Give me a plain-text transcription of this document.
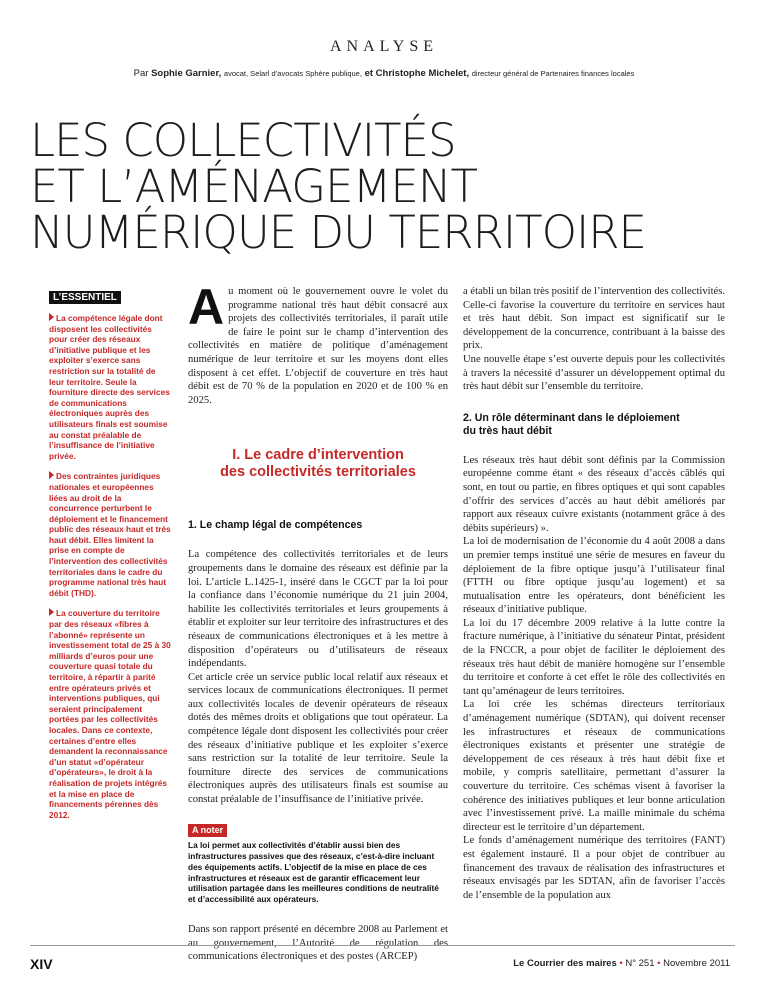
ANALYSE
Par Sophie Garnier, avocat, Selarl d’avocats Sphère publique, et Christophe Michelet, directeur général de Partenaires finances locales
LES COLLECTIVITÉS
ET L’AMÉNAGEMENT
NUMÉRIQUE DU TERRITOIRE
L’ESSENTIEL
La compétence légale dont disposent les collectivités pour créer des réseaux d’initiative publique et les exploiter s’exerce sans restriction sur la totalité de leur territoire. Seule la fourniture directe des services de communications électroniques auprès des utilisateurs finals est soumise au constat préalable de l’insuffisance de l’initiative privée.
Des contraintes juridiques nationales et européennes liées au droit de la concurrence perturbent le déploiement et le financement public des réseaux haut et très haut débit. Elles limitent la prise en compte de l’intervention des collectivités territoriales dans le cadre du programme national très haut débit (THD).
La couverture du territoire par des réseaux «fibres à l’abonné» représente un investissement total de 25 à 30 milliards d’euros pour une couverture quasi totale du territoire, à répartir à parité entre opérateurs privés et interventions publiques, qui seraient principalement portées par les collectivités locales. Dans ce contexte, certaines d’entre elles demandent la reconnaissance d’un statut «d’opérateur d’opérateurs», le droit à la réalisation de projets intégrés et la mise en place de financements pérennes dès 2012.

Au moment où le gouvernement ouvre le volet du programme national très haut débit consacré aux projets des collectivités territoriales, il paraît utile de faire le point sur le champ d’intervention des collectivités en matière de politique d’aménagement numérique de leur territoire et sur les moyens dont elles disposent à cet effet. L’objectif de couverture en très haut débit est de 70 % de la population en 2020 et de 100 % en 2025.

I. Le cadre d’intervention
des collectivités territoriales
1. Le champ légal de compétences

La compétence des collectivités territoriales et de leurs groupements dans le domaine des réseaux est définie par la loi. L’article L.1425-1, inséré dans le CGCT par la loi pour la confiance dans l’économie numérique du 21 juin 2004, habilite les collectivités territoriales et leurs groupements à établir et exploiter sur leur territoire des infrastructures et des réseaux de communications électroniques et à les mettre à disposition d’opérateurs ou d’utilisateurs de réseaux indépendants.

Cet article crée un service public local relatif aux réseaux et services locaux de communications électroniques. Il permet aux collectivités locales de devenir opérateurs de réseaux dotés des mêmes droits et obligations que tout opérateur. La compétence légale dont disposent les collectivités pour créer des réseaux d’initiative publique et les exploiter s’exerce sans restriction sur la totalité de leur territoire. Seule la fourniture directe des services de communications électroniques auprès des utilisateurs finals est soumise au constat préalable de l’insuffisance de l’initiative privée.

A noter
La loi permet aux collectivités d’établir aussi bien des infrastructures passives que des réseaux, c’est-à-dire incluant des équipements actifs. L’objectif de la mise en place de ces infrastructures et réseaux est de garantir efficacement leur utilisation partagée dans les meilleures conditions de neutralité et d’accessibilité aux opérateurs.

Dans son rapport présenté en décembre 2008 au Parlement et au gouvernement, l’Autorité de régulation des communications électroniques et des postes (ARCEP)

a établi un bilan très positif de l’intervention des collectivités. Celle-ci favorise la couverture du territoire en services haut et très haut débit. Son impact est significatif sur le développement de la concurrence, contribuant à la baisse des prix.

Une nouvelle étape s’est ouverte depuis pour les collectivités à travers la nécessité d’assurer un développement optimal du très haut débit sur l’ensemble du territoire.

2. Un rôle déterminant dans le déploiement
du très haut débit

Les réseaux très haut débit sont définis par la Commission européenne comme étant « des réseaux d’accès câblés qui sont, en tout ou partie, en fibres optiques et qui sont capables d’offrir des services d’accès au haut débit améliorés par rapport aux réseaux cuivre existants (notamment grâce à des débits supérieurs) ».

La loi de modernisation de l’économie du 4 août 2008 a dans un premier temps institué une série de mesures en faveur du déploiement de la fibre optique jusqu’à l’utilisateur final (FTTH ou fibre optique jusqu’au logement) et sa mutualisation entre les opérateurs, dont bénéficient les réseaux d’initiative publique.

La loi du 17 décembre 2009 relative à la lutte contre la fracture numérique, à l’initiative du sénateur Pintat, président de la FNCCR, a pour objet de faciliter le déploiement des réseaux très haut débit de manière homogène sur l’ensemble du territoire et conforte à cet effet le rôle des collectivités en tant qu’aménageur de leurs territoires.

La loi crée les schémas directeurs territoriaux d’aménagement numérique (SDTAN), qui doivent recenser les infrastructures et réseaux de communications électroniques existants et présenter une stratégie de développement de ces réseaux à très haut débit fixe et mobile, y compris satellitaire, permettant d’assurer la couverture du territoire. Ces schémas visent à favoriser la cohérence des initiatives publiques et leur bonne articulation avec l’investissement privé. La maille minimale du schéma directeur est le territoire d’un département.

Le fonds d’aménagement numérique des territoires (FANT) est également instauré. Il a pour objet de contribuer au financement des travaux de réalisation des infrastructures et réseaux envisagés par les SDTAN, afin de favoriser l’accès de l’ensemble de la population aux

XIV	Le Courrier des maires • N° 251 • Novembre 2011
